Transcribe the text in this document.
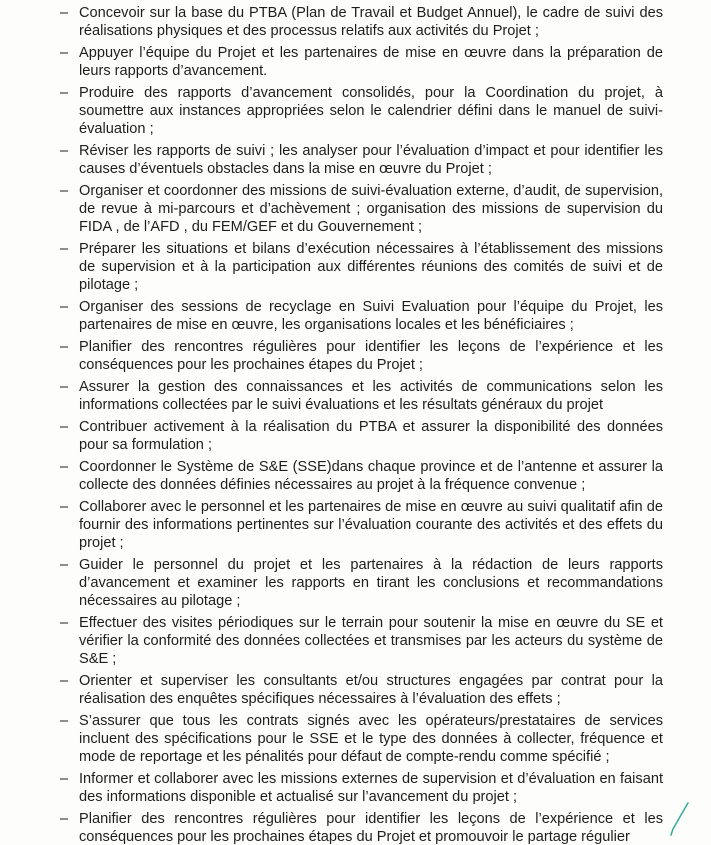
– Concevoir sur la base du PTBA (Plan de Travail et Budget Annuel), le cadre de suivi des réalisations physiques et des processus relatifs aux activités du Projet ;
– Appuyer l’équipe du Projet et les partenaires de mise en œuvre dans la préparation de leurs rapports d’avancement.
– Produire des rapports d’avancement consolidés, pour la Coordination du projet, à soumettre aux instances appropriées selon le calendrier défini dans le manuel de suivi-évaluation ;
– Réviser les rapports de suivi ; les analyser pour l’évaluation d’impact et pour identifier les causes d’éventuels obstacles dans la mise en œuvre du Projet ;
– Organiser et coordonner des missions de suivi-évaluation externe, d’audit, de supervision, de revue à mi-parcours et d’achèvement ; organisation des missions de supervision du FIDA , de l’AFD , du FEM/GEF et du Gouvernement ;
– Préparer les situations et bilans d’exécution nécessaires à l’établissement des missions de supervision et à la participation aux différentes réunions des comités de suivi et de pilotage ;
– Organiser des sessions de recyclage en Suivi Evaluation pour l’équipe du Projet, les partenaires de mise en œuvre, les organisations locales et les bénéficiaires ;
– Planifier des rencontres régulières pour identifier les leçons de l’expérience et les conséquences pour les prochaines étapes du Projet ;
– Assurer la gestion des connaissances et les activités de communications selon les informations collectées par le suivi évaluations et les résultats généraux du projet
– Contribuer activement à la réalisation du PTBA et assurer la disponibilité des données pour sa formulation ;
– Coordonner le Système de S&E (SSE)dans chaque province et de l’antenne et assurer la collecte des données définies nécessaires au projet à la fréquence convenue ;
– Collaborer avec le personnel et les partenaires de mise en œuvre au suivi qualitatif afin de fournir des informations pertinentes sur l’évaluation courante des activités et des effets du projet ;
– Guider le personnel du projet et les partenaires à la rédaction de leurs rapports d’avancement et examiner les rapports en tirant les conclusions et recommandations nécessaires au pilotage ;
– Effectuer des visites périodiques sur le terrain pour soutenir la mise en œuvre du SE et vérifier la conformité des données collectées et transmises par les acteurs du système de S&E ;
– Orienter et superviser les consultants et/ou structures engagées par contrat pour la réalisation des enquêtes spécifiques nécessaires à l’évaluation des effets ;
– S’assurer que tous les contrats signés avec les opérateurs/prestataires de services incluent des spécifications pour le SSE et le type des données à collecter, fréquence et mode de reportage et les pénalités pour défaut de compte-rendu comme spécifié ;
– Informer et collaborer avec les missions externes de supervision et d’évaluation en faisant des informations disponible et actualisé sur l’avancement du projet ;
– Planifier des rencontres régulières pour identifier les leçons de l’expérience et les conséquences pour les prochaines étapes du Projet et promouvoir le partage régulier
